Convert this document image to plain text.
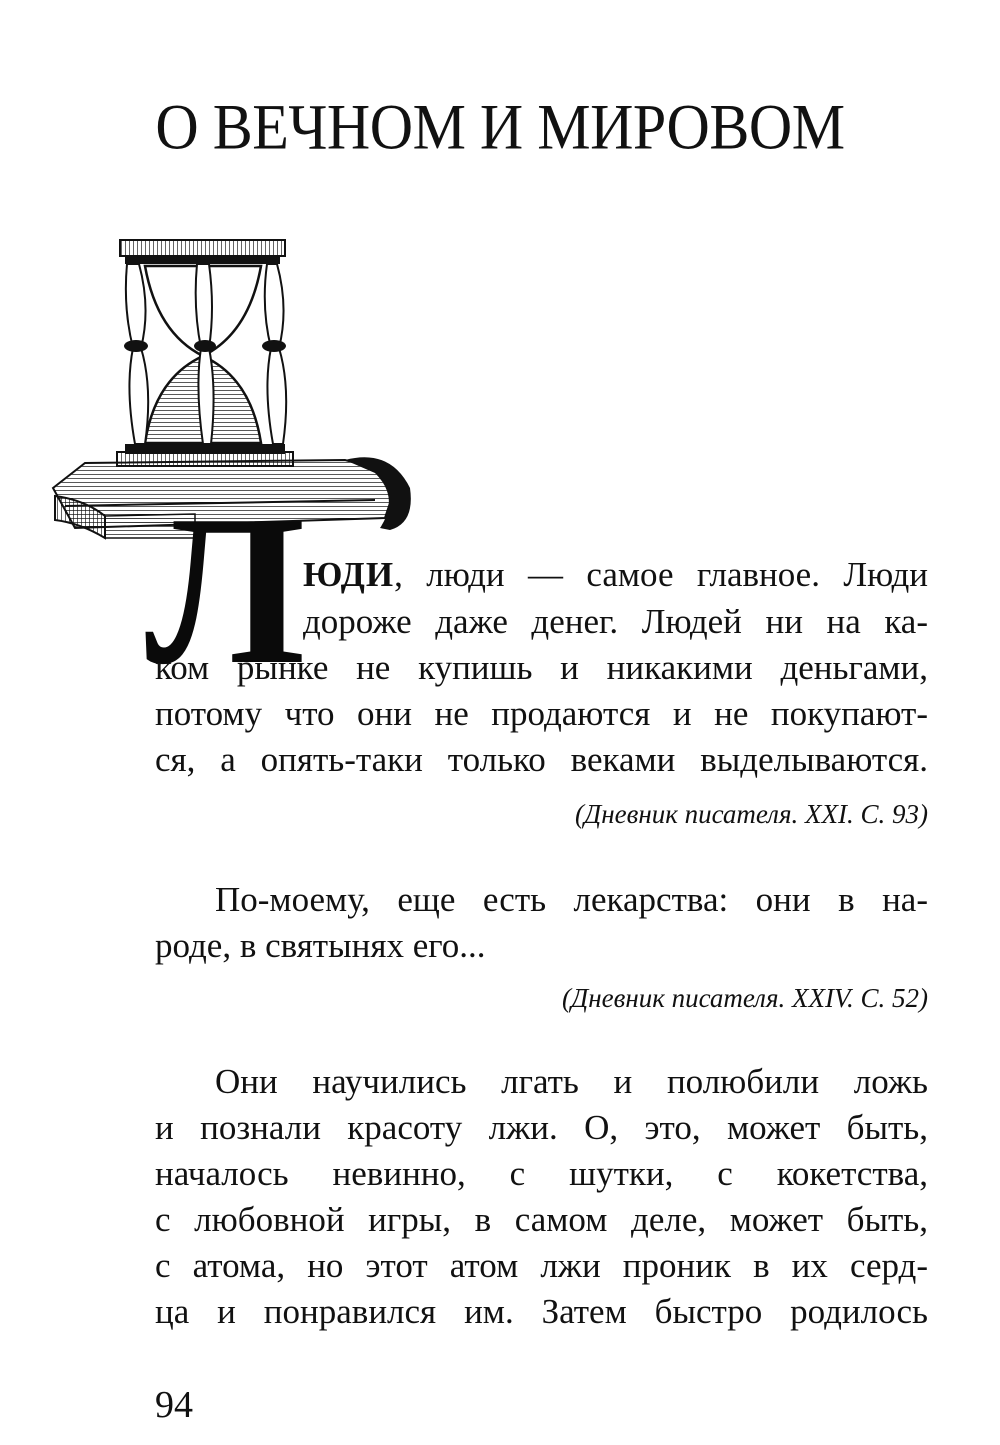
О ВЕЧНОМ И МИРОВОМ
Л
ЮДИ, люди — самое главное. Люди
дороже даже денег. Людей ни на ка-
ком рынке не купишь и никакими деньгами,
потому что они не продаются и не покупают-
ся, а опять-таки только веками выделываются.
(Дневник писателя. XXI. С. 93)
По-моему, еще есть лекарства: они в на-
роде, в святынях его...
(Дневник писателя. XXIV. С. 52)
Они научились лгать и полюбили ложь
и познали красоту лжи. О, это, может быть,
началось невинно, с шутки, с кокетства,
с любовной игры, в самом деле, может быть,
с атома, но этот атом лжи проник в их серд-
ца и понравился им. Затем быстро родилось
94
